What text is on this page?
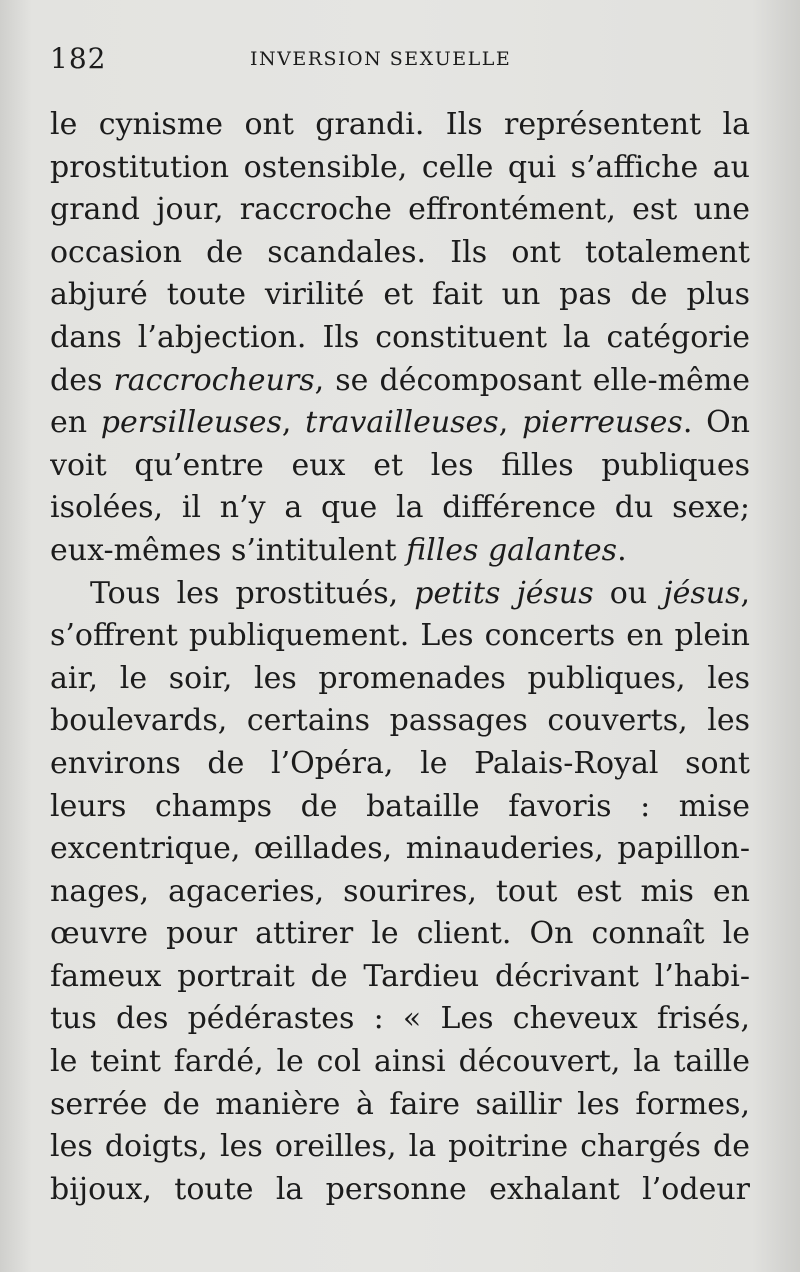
182	INVERSION SEXUELLE
le cynisme ont grandi. Ils représentent la
prostitution ostensible, celle qui s’affiche au
grand jour, raccroche effrontément, est une
occasion de scandales. Ils ont totalement
abjuré toute virilité et fait un pas de plus
dans l’abjection. Ils constituent la catégorie
des raccrocheurs, se décomposant elle-même
en persilleuses, travailleuses, pierreuses. On
voit qu’entre eux et les filles publiques
isolées, il n’y a que la différence du sexe;
eux-mêmes s’intitulent filles galantes.
Tous les prostitués, petits jésus ou jésus,
s’offrent publiquement. Les concerts en plein
air, le soir, les promenades publiques, les
boulevards, certains passages couverts, les
environs de l’Opéra, le Palais-Royal sont
leurs champs de bataille favoris : mise
excentrique, œillades, minauderies, papillon-
nages, agaceries, sourires, tout est mis en
œuvre pour attirer le client. On connaît le
fameux portrait de Tardieu décrivant l’habi-
tus des pédérastes : « Les cheveux frisés,
le teint fardé, le col ainsi découvert, la taille
serrée de manière à faire saillir les formes,
les doigts, les oreilles, la poitrine chargés de
bijoux, toute la personne exhalant l’odeur
